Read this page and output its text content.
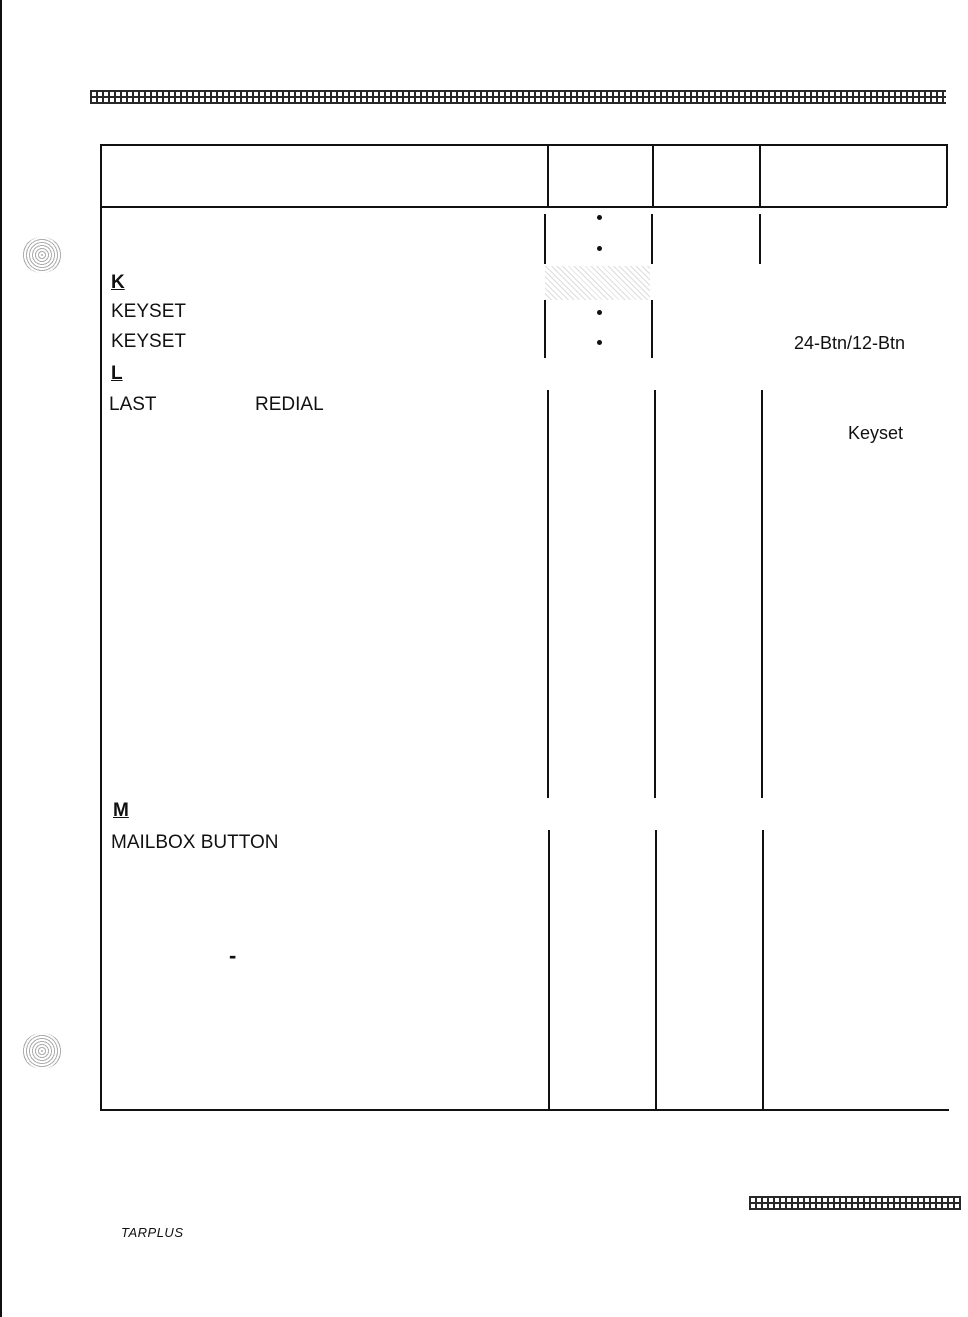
K
KEYSET
KEYSET	24-Btn/12-Btn
L
LAST	REDIAL
Keyset
M
MAILBOX BUTTON
-
TARPLUS
